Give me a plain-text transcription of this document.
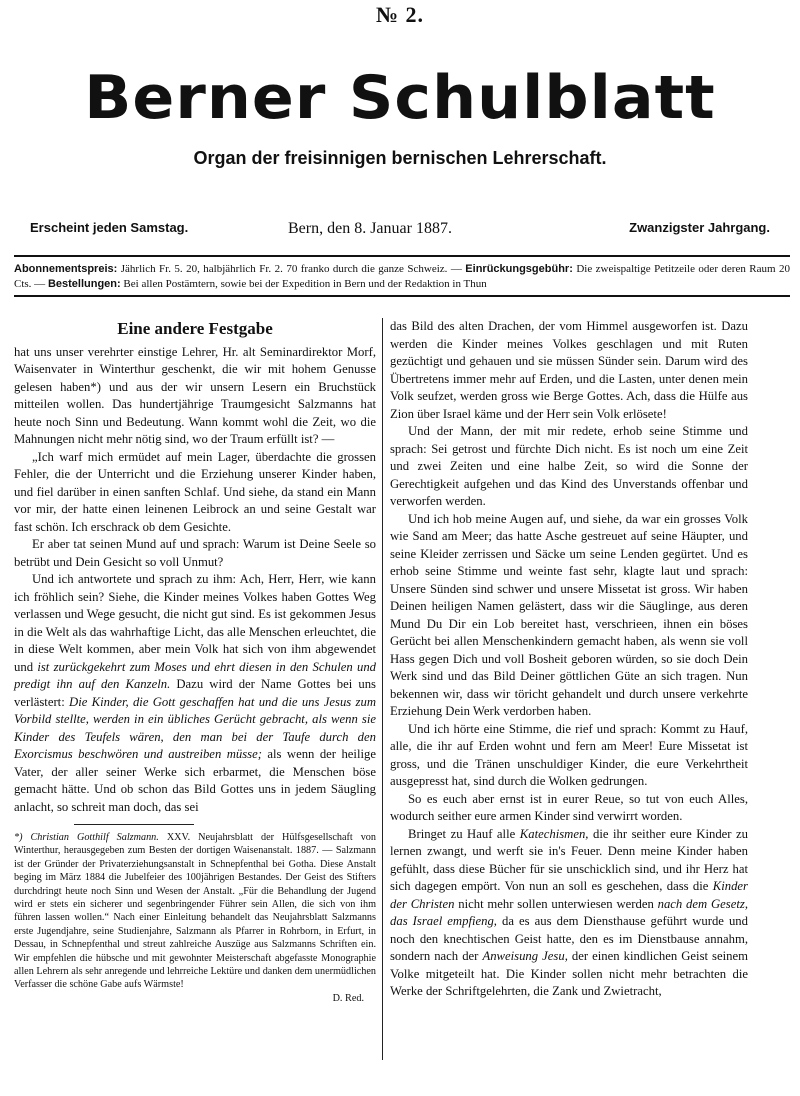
№ 2.
Berner Schulblatt
Organ der freisinnigen bernischen Lehrerschaft.
Erscheint jeden Samstag.	Bern, den 8. Januar 1887.	Zwanzigster Jahrgang.
Abonnementspreis: Jährlich Fr. 5. 20, halbjährlich Fr. 2. 70 franko durch die ganze Schweiz. — Einrückungsgebühr: Die zweispaltige Petitzeile oder deren Raum 20 Cts. — Bestellungen: Bei allen Postämtern, sowie bei der Expedition in Bern und der Redaktion in Thun
Eine andere Festgabe

hat uns unser verehrter einstige Lehrer, Hr. alt Seminardirektor Morf, Waisenvater in Winterthur geschenkt, die wir mit hohem Genusse gelesen haben*) und aus der wir unsern Lesern ein Bruchstück mitteilen wollen. Das hundertjährige Traumgesicht Salzmanns hat heute noch Sinn und Bedeutung. Wann kommt wohl die Zeit, wo die Mahnungen nicht mehr nötig sind, wo der Traum erfüllt ist? —

„Ich warf mich ermüdet auf mein Lager, überdachte die grossen Fehler, die der Unterricht und die Erziehung unserer Kinder haben, und fiel darüber in einen sanften Schlaf. Und siehe, da stand ein Mann vor mir, der hatte einen leinenen Leibrock an und seine Gestalt war fast schön. Ich erschrack ob dem Gesichte.

Er aber tat seinen Mund auf und sprach: Warum ist Deine Seele so betrübt und Dein Gesicht so voll Unmut?

Und ich antwortete und sprach zu ihm: Ach, Herr, Herr, wie kann ich fröhlich sein? Siehe, die Kinder meines Volkes haben Gottes Weg verlassen und Wege gesucht, die nicht gut sind. Es ist gekommen Jesus in die Welt als das wahrhaftige Licht, das alle Menschen erleuchtet, die in diese Welt kommen, aber mein Volk hat sich von ihm abgewendet und ist zurückgekehrt zum Moses und ehrt diesen in den Schulen und predigt ihn auf den Kanzeln. Dazu wird der Name Gottes bei uns verlästert: Die Kinder, die Gott geschaffen hat und die uns Jesus zum Vorbild stellte, werden in ein übliches Gerücht gebracht, als wenn sie Kinder des Teufels wären, den man bei der Taufe durch den Exorcismus beschwören und austreiben müsse; als wenn der heilige Vater, der aller seiner Werke sich erbarmet, die Menschen böse gemacht hätte. Und ob schon das Bild Gottes uns in jedem Säugling anlacht, so schreit man doch, das sei

*) Christian Gotthilf Salzmann. XXV. Neujahrsblatt der Hülfsgesellschaft von Winterthur, herausgegeben zum Besten der dortigen Waisenanstalt. 1887. — Salzmann ist der Gründer der Privaterziehungsanstalt in Schnepfenthal bei Gotha. Diese Anstalt beging im März 1884 die Jubelfeier des 100jährigen Bestandes. Der Geist des Stifters durchdringt heute noch Sinn und Wesen der Anstalt. „Für die Behandlung der Jugend wird er stets ein sicherer und segenbringender Führer sein Allen, die sich von ihm führen lassen wollen.“ Nach einer Einleitung behandelt das Neujahrsblatt Salzmanns erste Jugendjahre, seine Studienjahre, Salzmann als Pfarrer in Rohrborn, in Erfurt, in Dessau, in Schnepfenthal und streut zahlreiche Auszüge aus Salzmanns Schriften ein. Wir empfehlen die hübsche und mit gewohnter Meisterschaft abgefasste Monographie allen Lehrern als sehr anregende und lehrreiche Lektüre und danken dem unermüdlichen Verfasser die schöne Gabe aufs Wärmste!
D. Red.

das Bild des alten Drachen, der vom Himmel ausgeworfen ist. Dazu werden die Kinder meines Volkes geschlagen und mit Ruten gezüchtigt und gehauen und sie müssen Sünder sein. Darum wird des Übertretens immer mehr auf Erden, und die Lasten, unter denen mein Volk seufzet, werden gross wie Berge Gottes. Ach, dass die Hülfe aus Zion über Israel käme und der Herr sein Volk erlösete!

Und der Mann, der mit mir redete, erhob seine Stimme und sprach: Sei getrost und fürchte Dich nicht. Es ist noch um eine Zeit und zwei Zeiten und eine halbe Zeit, so wird die Sonne der Gerechtigkeit aufgehen und das Kind des Unverstands offenbar und verworfen werden.

Und ich hob meine Augen auf, und siehe, da war ein grosses Volk wie Sand am Meer; das hatte Asche gestreuet auf seine Häupter, und seine Kleider zerrissen und Säcke um seine Lenden gegürtet. Und es erhob seine Stimme und weinte fast sehr, klagte laut und sprach: Unsere Sünden sind schwer und unsere Missetat ist gross. Wir haben Deinen heiligen Namen gelästert, dass wir die Säuglinge, aus deren Mund Du Dir ein Lob bereitet hast, verschrieen, ihnen ein böses Gerücht bei allen Menschenkindern gemacht haben, als wenn sie voll Hass gegen Dich und voll Bosheit geboren würden, so sie doch Dein Werk sind und das Bild Deiner göttlichen Güte an sich tragen. Nun bekennen wir, dass wir töricht gehandelt und durch unsere verkehrte Erziehung Dein Werk verdorben haben.

Und ich hörte eine Stimme, die rief und sprach: Kommt zu Hauf, alle, die ihr auf Erden wohnt und fern am Meer! Eure Missetat ist gross, und die Tränen unschuldiger Kinder, die eure Verkehrtheit ausgepresst hat, sind durch die Wolken gedrungen.

So es euch aber ernst ist in eurer Reue, so tut von euch Alles, wodurch seither eure armen Kinder sind verwirrt worden.

Bringet zu Hauf alle Katechismen, die ihr seither eure Kinder zu lernen zwangt, und werft sie in's Feuer. Denn meine Kinder haben gefühlt, dass diese Bücher für sie unschicklich sind, und ihr Herz hat sich dagegen empört. Von nun an soll es geschehen, dass die Kinder der Christen nicht mehr sollen unterwiesen werden nach dem Gesetz, das Israel empfieng, da es aus dem Diensthause geführt wurde und noch den knechtischen Geist hatte, den es im Dienstbause annahm, sondern nach der Anweisung Jesu, der einen kindlichen Geist seinem Volke mitgeteilt hat. Die Kinder sollen nicht mehr betrachten die Werke der Schriftgelehrten, die Zank und Zwietracht,
